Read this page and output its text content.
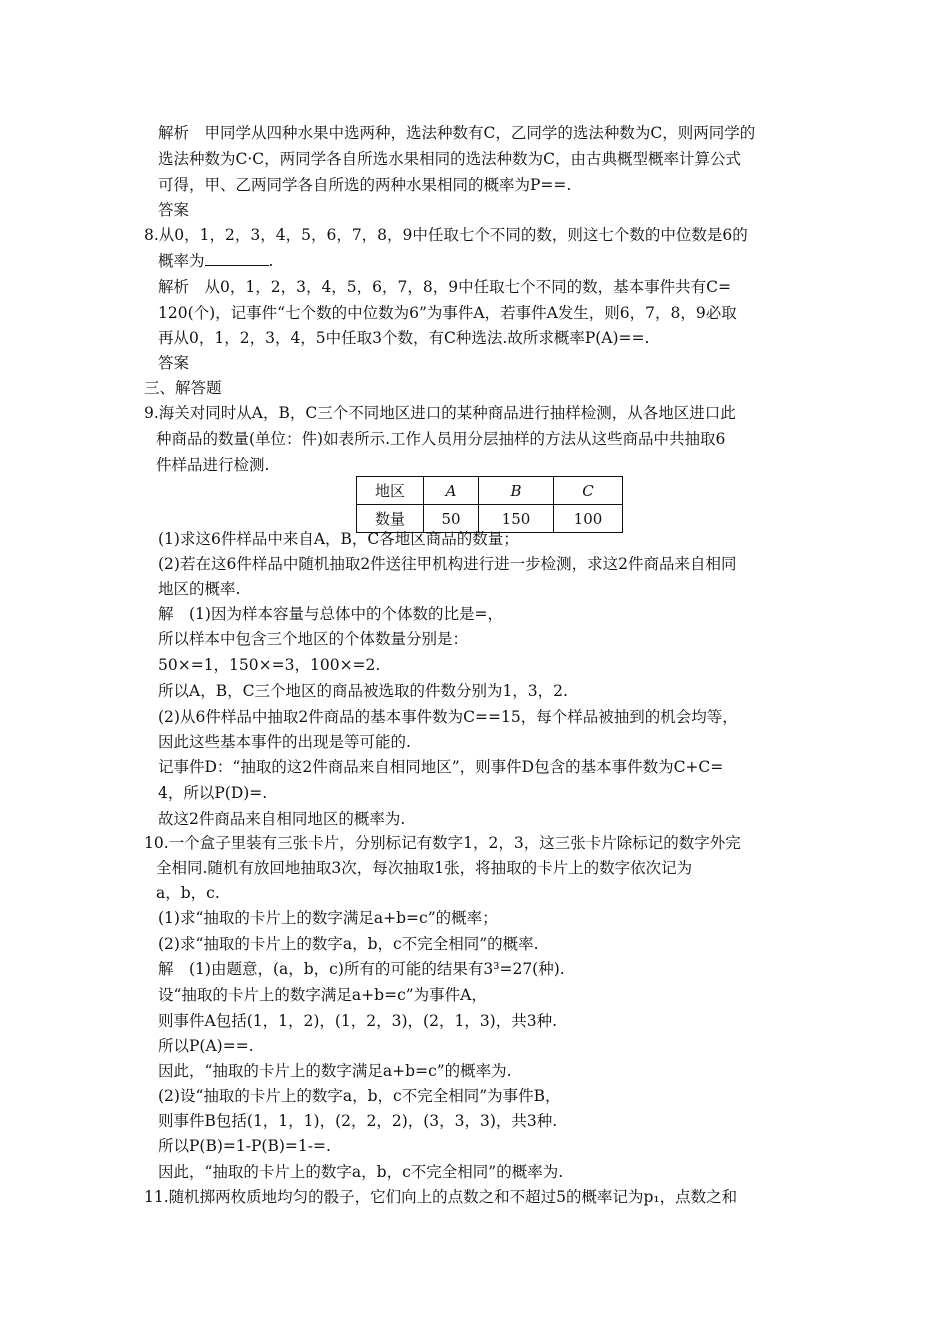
解析　甲同学从四种水果中选两种，选法种数有C，乙同学的选法种数为C，则两同学的
选法种数为C·C，两同学各自所选水果相同的选法种数为C，由古典概型概率计算公式
可得，甲、乙两同学各自所选的两种水果相同的概率为P==.
答案
8.从0，1，2，3，4，5，6，7，8，9中任取七个不同的数，则这七个数的中位数是6的
概率为	.
解析　从0，1，2，3，4，5，6，7，8，9中任取七个不同的数，基本事件共有C=
120(个)，记事件“七个数的中位数为6”为事件A，若事件A发生，则6，7，8，9必取
再从0，1，2，3，4，5中任取3个数，有C种选法.故所求概率P(A)==.
答案
三、解答题
9.海关对同时从A，B，C三个不同地区进口的某种商品进行抽样检测，从各地区进口此
种商品的数量(单位：件)如表所示.工作人员用分层抽样的方法从这些商品中共抽取6
件样品进行检测.
地区	A	B	C
数量	50	150	100
(1)求这6件样品中来自A，B，C各地区商品的数量；
(2)若在这6件样品中随机抽取2件送往甲机构进行进一步检测，求这2件商品来自相同
地区的概率.
解　(1)因为样本容量与总体中的个体数的比是=，
所以样本中包含三个地区的个体数量分别是：
50×=1，150×=3，100×=2.
所以A，B，C三个地区的商品被选取的件数分别为1，3，2.
(2)从6件样品中抽取2件商品的基本事件数为C==15，每个样品被抽到的机会均等，
因此这些基本事件的出现是等可能的.
记事件D：“抽取的这2件商品来自相同地区”，则事件D包含的基本事件数为C+C=
4，所以P(D)=.
故这2件商品来自相同地区的概率为.
10.一个盒子里装有三张卡片，分别标记有数字1，2，3，这三张卡片除标记的数字外完
全相同.随机有放回地抽取3次，每次抽取1张，将抽取的卡片上的数字依次记为
a，b，c.
(1)求“抽取的卡片上的数字满足a+b=c”的概率；
(2)求“抽取的卡片上的数字a，b，c不完全相同”的概率.
解　(1)由题意，(a，b，c)所有的可能的结果有3³=27(种).
设“抽取的卡片上的数字满足a+b=c”为事件A，
则事件A包括(1，1，2)，(1，2，3)，(2，1，3)，共3种.
所以P(A)==.
因此，“抽取的卡片上的数字满足a+b=c”的概率为.
(2)设“抽取的卡片上的数字a，b，c不完全相同”为事件B，
则事件B包括(1，1，1)，(2，2，2)，(3，3，3)，共3种.
所以P(B)=1-P(B)=1-=.
因此，“抽取的卡片上的数字a，b，c不完全相同”的概率为.
11.随机掷两枚质地均匀的骰子，它们向上的点数之和不超过5的概率记为p₁，点数之和
